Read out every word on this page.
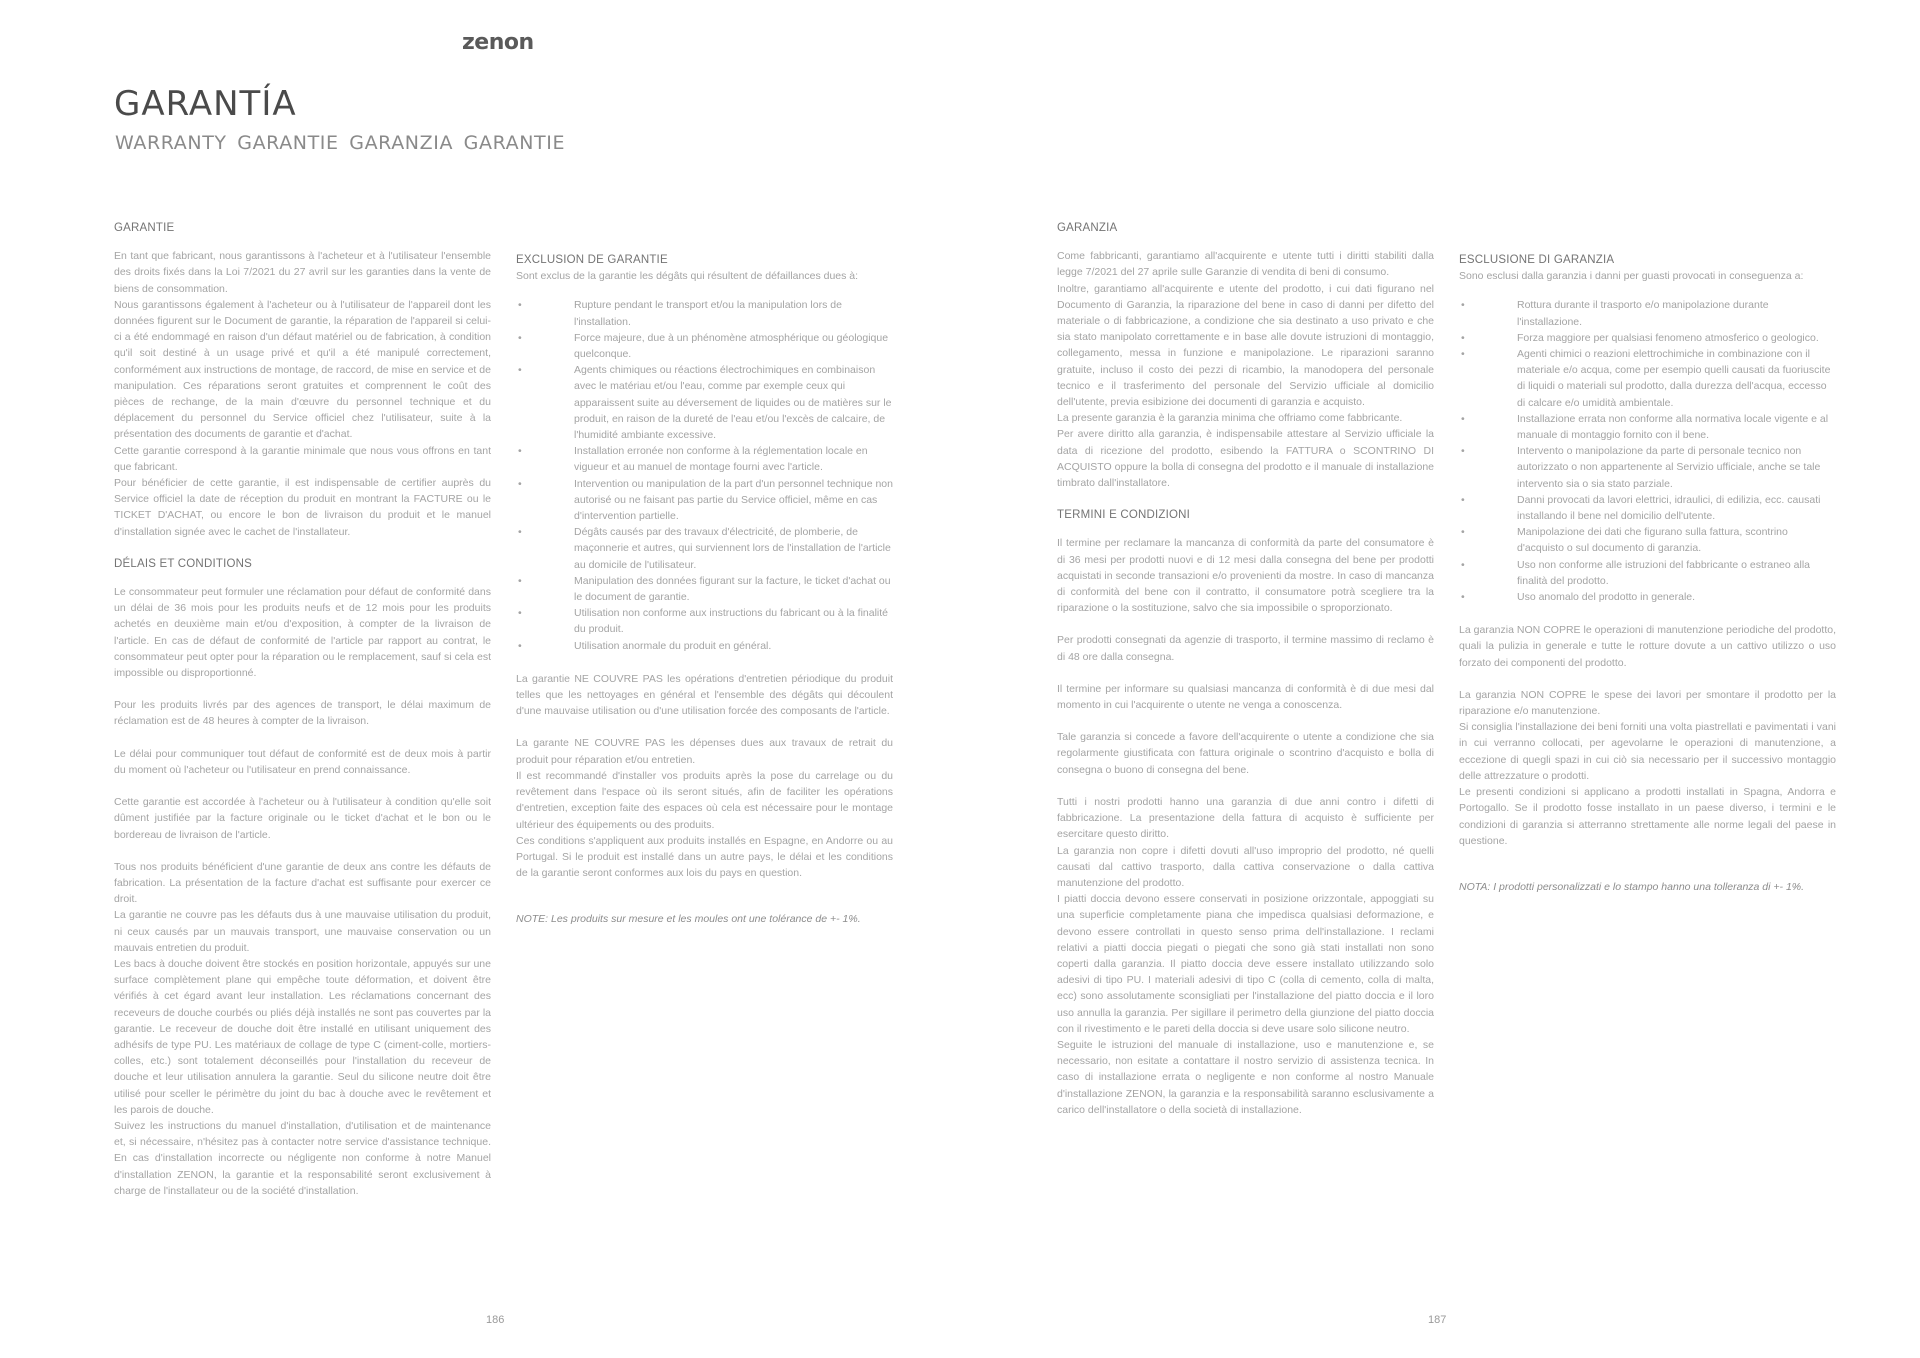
zenon
GARANTÍA
WARRANTY GARANTIE GARANZIA GARANTIE
GARANTIE

En tant que fabricant, nous garantissons à l'acheteur et à l'utilisateur l'ensemble des droits fixés dans la Loi 7/2021 du 27 avril sur les garanties dans la vente de biens de consommation.

Nous garantissons également à l'acheteur ou à l'utilisateur de l'appareil dont les données figurent sur le Document de garantie, la réparation de l'appareil si celui-ci a été endommagé en raison d'un défaut matériel ou de fabrication, à condition qu'il soit destiné à un usage privé et qu'il a été manipulé correctement, conformément aux instructions de montage, de raccord, de mise en service et de manipulation. Ces réparations seront gratuites et comprennent le coût des pièces de rechange, de la main d'œuvre du personnel technique et du déplacement du personnel du Service officiel chez l'utilisateur, suite à la présentation des documents de garantie et d'achat.

Cette garantie correspond à la garantie minimale que nous vous offrons en tant que fabricant.

Pour bénéficier de cette garantie, il est indispensable de certifier auprès du Service officiel la date de réception du produit en montrant la FACTURE ou le TICKET D'ACHAT, ou encore le bon de livraison du produit et le manuel d'installation signée avec le cachet de l'installateur.

DÉLAIS ET CONDITIONS

Le consommateur peut formuler une réclamation pour défaut de conformité dans un délai de 36 mois pour les produits neufs et de 12 mois pour les produits achetés en deuxième main et/ou d'exposition, à compter de la livraison de l'article. En cas de défaut de conformité de l'article par rapport au contrat, le consommateur peut opter pour la réparation ou le remplacement, sauf si cela est impossible ou disproportionné.

Pour les produits livrés par des agences de transport, le délai maximum de réclamation est de 48 heures à compter de la livraison.

Le délai pour communiquer tout défaut de conformité est de deux mois à partir du moment où l'acheteur ou l'utilisateur en prend connaissance.

Cette garantie est accordée à l'acheteur ou à l'utilisateur à condition qu'elle soit dûment justifiée par la facture originale ou le ticket d'achat et le bon ou le bordereau de livraison de l'article.

Tous nos produits bénéficient d'une garantie de deux ans contre les défauts de fabrication. La présentation de la facture d'achat est suffisante pour exercer ce droit.

La garantie ne couvre pas les défauts dus à une mauvaise utilisation du produit, ni ceux causés par un mauvais transport, une mauvaise conservation ou un mauvais entretien du produit.

Les bacs à douche doivent être stockés en position horizontale, appuyés sur une surface complètement plane qui empêche toute déformation, et doivent être vérifiés à cet égard avant leur installation. Les réclamations concernant des receveurs de douche courbés ou pliés déjà installés ne sont pas couvertes par la garantie. Le receveur de douche doit être installé en utilisant uniquement des adhésifs de type PU. Les matériaux de collage de type C (ciment-colle, mortiers-colles, etc.) sont totalement déconseillés pour l'installation du receveur de douche et leur utilisation annulera la garantie. Seul du silicone neutre doit être utilisé pour sceller le périmètre du joint du bac à douche avec le revêtement et les parois de douche.

Suivez les instructions du manuel d'installation, d'utilisation et de maintenance et, si nécessaire, n'hésitez pas à contacter notre service d'assistance technique. En cas d'installation incorrecte ou négligente non conforme à notre Manuel d'installation ZENON, la garantie et la responsabilité seront exclusivement à charge de l'installateur ou de la société d'installation.

EXCLUSION DE GARANTIE

Sont exclus de la garantie les dégâts qui résultent de défaillances dues à:

• Rupture pendant le transport et/ou la manipulation lors de l'installation.
• Force majeure, due à un phénomène atmosphérique ou géologique quelconque.
• Agents chimiques ou réactions électrochimiques en combinaison avec le matériau et/ou l'eau, comme par exemple ceux qui apparaissent suite au déversement de liquides ou de matières sur le produit, en raison de la dureté de l'eau et/ou l'excès de calcaire, de l'humidité ambiante excessive.
• Installation erronée non conforme à la réglementation locale en vigueur et au manuel de montage fourni avec l'article.
• Intervention ou manipulation de la part d'un personnel technique non autorisé ou ne faisant pas partie du Service officiel, même en cas d'intervention partielle.
• Dégâts causés par des travaux d'électricité, de plomberie, de maçonnerie et autres, qui surviennent lors de l'installation de l'article au domicile de l'utilisateur.
• Manipulation des données figurant sur la facture, le ticket d'achat ou le document de garantie.
• Utilisation non conforme aux instructions du fabricant ou à la finalité du produit.
• Utilisation anormale du produit en général.

La garantie NE COUVRE PAS les opérations d'entretien périodique du produit telles que les nettoyages en général et l'ensemble des dégâts qui découlent d'une mauvaise utilisation ou d'une utilisation forcée des composants de l'article.

La garante NE COUVRE PAS les dépenses dues aux travaux de retrait du produit pour réparation et/ou entretien.

Il est recommandé d'installer vos produits après la pose du carrelage ou du revêtement dans l'espace où ils seront situés, afin de faciliter les opérations d'entretien, exception faite des espaces où cela est nécessaire pour le montage ultérieur des équipements ou des produits.

Ces conditions s'appliquent aux produits installés en Espagne, en Andorre ou au Portugal. Si le produit est installé dans un autre pays, le délai et les conditions de la garantie seront conformes aux lois du pays en question.

NOTE: Les produits sur mesure et les moules ont une tolérance de +- 1%.

GARANZIA

Come fabbricanti, garantiamo all'acquirente e utente tutti i diritti stabiliti dalla legge 7/2021 del 27 aprile sulle Garanzie di vendita di beni di consumo.

Inoltre, garantiamo all'acquirente e utente del prodotto, i cui dati figurano nel Documento di Garanzia, la riparazione del bene in caso di danni per difetto del materiale o di fabbricazione, a condizione che sia destinato a uso privato e che sia stato manipolato correttamente e in base alle dovute istruzioni di montaggio, collegamento, messa in funzione e manipolazione. Le riparazioni saranno gratuite, incluso il costo dei pezzi di ricambio, la manodopera del personale tecnico e il trasferimento del personale del Servizio ufficiale al domicilio dell'utente, previa esibizione dei documenti di garanzia e acquisto.

La presente garanzia è la garanzia minima che offriamo come fabbricante.

Per avere diritto alla garanzia, è indispensabile attestare al Servizio ufficiale la data di ricezione del prodotto, esibendo la FATTURA o SCONTRINO DI ACQUISTO oppure la bolla di consegna del prodotto e il manuale di installazione timbrato dall'installatore.

TERMINI E CONDIZIONI

Il termine per reclamare la mancanza di conformità da parte del consumatore è di 36 mesi per prodotti nuovi e di 12 mesi dalla consegna del bene per prodotti acquistati in seconde transazioni e/o provenienti da mostre. In caso di mancanza di conformità del bene con il contratto, il consumatore potrà scegliere tra la riparazione o la sostituzione, salvo che sia impossibile o sproporzionato.

Per prodotti consegnati da agenzie di trasporto, il termine massimo di reclamo è di 48 ore dalla consegna.

Il termine per informare su qualsiasi mancanza di conformità è di due mesi dal momento in cui l'acquirente o utente ne venga a conoscenza.

Tale garanzia si concede a favore dell'acquirente o utente a condizione che sia regolarmente giustificata con fattura originale o scontrino d'acquisto e bolla di consegna o buono di consegna del bene.

Tutti i nostri prodotti hanno una garanzia di due anni contro i difetti di fabbricazione. La presentazione della fattura di acquisto è sufficiente per esercitare questo diritto.

La garanzia non copre i difetti dovuti all'uso improprio del prodotto, né quelli causati dal cattivo trasporto, dalla cattiva conservazione o dalla cattiva manutenzione del prodotto.

I piatti doccia devono essere conservati in posizione orizzontale, appoggiati su una superficie completamente piana che impedisca qualsiasi deformazione, e devono essere controllati in questo senso prima dell'installazione. I reclami relativi a piatti doccia piegati o piegati che sono già stati installati non sono coperti dalla garanzia. Il piatto doccia deve essere installato utilizzando solo adesivi di tipo PU. I materiali adesivi di tipo C (colla di cemento, colla di malta, ecc) sono assolutamente sconsigliati per l'installazione del piatto doccia e il loro uso annulla la garanzia. Per sigillare il perimetro della giunzione del piatto doccia con il rivestimento e le pareti della doccia si deve usare solo silicone neutro.

Seguite le istruzioni del manuale di installazione, uso e manutenzione e, se necessario, non esitate a contattare il nostro servizio di assistenza tecnica. In caso di installazione errata o negligente e non conforme al nostro Manuale d'installazione ZENON, la garanzia e la responsabilità saranno esclusivamente a carico dell'installatore o della società di installazione.

ESCLUSIONE DI GARANZIA

Sono esclusi dalla garanzia i danni per guasti provocati in conseguenza a:

• Rottura durante il trasporto e/o manipolazione durante l'installazione.
• Forza maggiore per qualsiasi fenomeno atmosferico o geologico.
• Agenti chimici o reazioni elettrochimiche in combinazione con il materiale e/o acqua, come per esempio quelli causati da fuoriuscite di liquidi o materiali sul prodotto, dalla durezza dell'acqua, eccesso di calcare e/o umidità ambientale.
• Installazione errata non conforme alla normativa locale vigente e al manuale di montaggio fornito con il bene.
• Intervento o manipolazione da parte di personale tecnico non autorizzato o non appartenente al Servizio ufficiale, anche se tale intervento sia o sia stato parziale.
• Danni provocati da lavori elettrici, idraulici, di edilizia, ecc. causati installando il bene nel domicilio dell'utente.
• Manipolazione dei dati che figurano sulla fattura, scontrino d'acquisto o sul documento di garanzia.
• Uso non conforme alle istruzioni del fabbricante o estraneo alla finalità del prodotto.
• Uso anomalo del prodotto in generale.

La garanzia NON COPRE le operazioni di manutenzione periodiche del prodotto, quali la pulizia in generale e tutte le rotture dovute a un cattivo utilizzo o uso forzato dei componenti del prodotto.

La garanzia NON COPRE le spese dei lavori per smontare il prodotto per la riparazione e/o manutenzione.

Si consiglia l'installazione dei beni forniti una volta piastrellati e pavimentati i vani in cui verranno collocati, per agevolarne le operazioni di manutenzione, a eccezione di quegli spazi in cui ciò sia necessario per il successivo montaggio delle attrezzature o prodotti.

Le presenti condizioni si applicano a prodotti installati in Spagna, Andorra e Portogallo. Se il prodotto fosse installato in un paese diverso, i termini e le condizioni di garanzia si atterranno strettamente alle norme legali del paese in questione.

NOTA: I prodotti personalizzati e lo stampo hanno una tolleranza di +- 1%.

186	187
